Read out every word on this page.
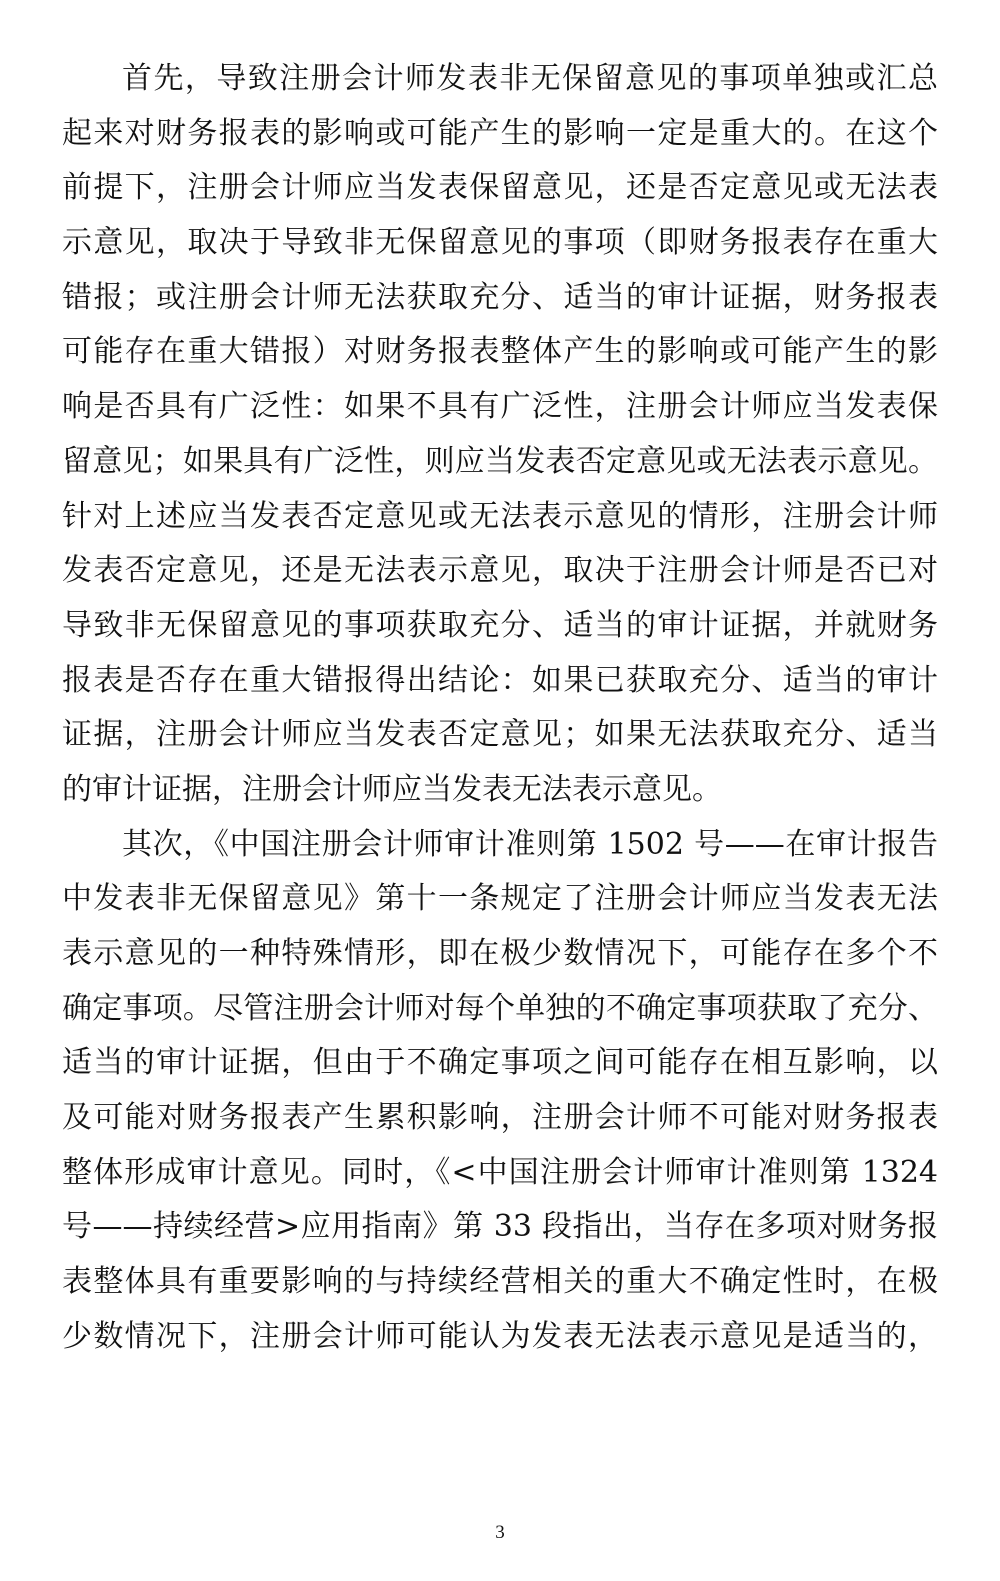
首先，导致注册会计师发表非无保留意见的事项单独或汇总
起来对财务报表的影响或可能产生的影响一定是重大的。在这个
前提下，注册会计师应当发表保留意见，还是否定意见或无法表
示意见，取决于导致非无保留意见的事项（即财务报表存在重大
错报；或注册会计师无法获取充分、适当的审计证据，财务报表
可能存在重大错报）对财务报表整体产生的影响或可能产生的影
响是否具有广泛性：如果不具有广泛性，注册会计师应当发表保
留意见；如果具有广泛性，则应当发表否定意见或无法表示意见。
针对上述应当发表否定意见或无法表示意见的情形，注册会计师
发表否定意见，还是无法表示意见，取决于注册会计师是否已对
导致非无保留意见的事项获取充分、适当的审计证据，并就财务
报表是否存在重大错报得出结论：如果已获取充分、适当的审计
证据，注册会计师应当发表否定意见；如果无法获取充分、适当
的审计证据，注册会计师应当发表无法表示意见。
其次，《中国注册会计师审计准则第 1502 号——在审计报告
中发表非无保留意见》第十一条规定了注册会计师应当发表无法
表示意见的一种特殊情形，即在极少数情况下，可能存在多个不
确定事项。尽管注册会计师对每个单独的不确定事项获取了充分、
适当的审计证据，但由于不确定事项之间可能存在相互影响，以
及可能对财务报表产生累积影响，注册会计师不可能对财务报表
整体形成审计意见。同时，《<中国注册会计师审计准则第 1324
号——持续经营>应用指南》第 33 段指出，当存在多项对财务报
表整体具有重要影响的与持续经营相关的重大不确定性时，在极
少数情况下，注册会计师可能认为发表无法表示意见是适当的，
3
